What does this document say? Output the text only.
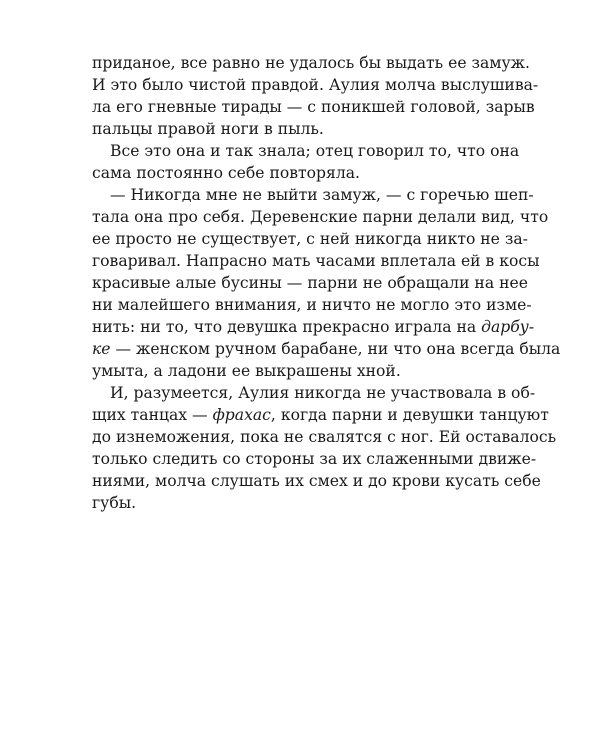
приданое, все равно не удалось бы выдать ее замуж.
И это было чистой правдой. Аулия молча выслушива-
ла его гневные тирады — с поникшей головой, зарыв
пальцы правой ноги в пыль.
Все это она и так знала; отец говорил то, что она
сама постоянно себе повторяла.
— Никогда мне не выйти замуж, — с горечью шеп-
тала она про себя. Деревенские парни делали вид, что
ее просто не существует, с ней никогда никто не за-
говаривал. Напрасно мать часами вплетала ей в косы
красивые алые бусины — парни не обращали на нее
ни малейшего внимания, и ничто не могло это изме-
нить: ни то, что девушка прекрасно играла на дарбу-
ке — женском ручном барабане, ни что она всегда была
умыта, а ладони ее выкрашены хной.
И, разумеется, Аулия никогда не участвовала в об-
щих танцах — фрахас, когда парни и девушки танцуют
до изнеможения, пока не свалятся с ног. Ей оставалось
только следить со стороны за их слаженными движе-
ниями, молча слушать их смех и до крови кусать себе
губы.
